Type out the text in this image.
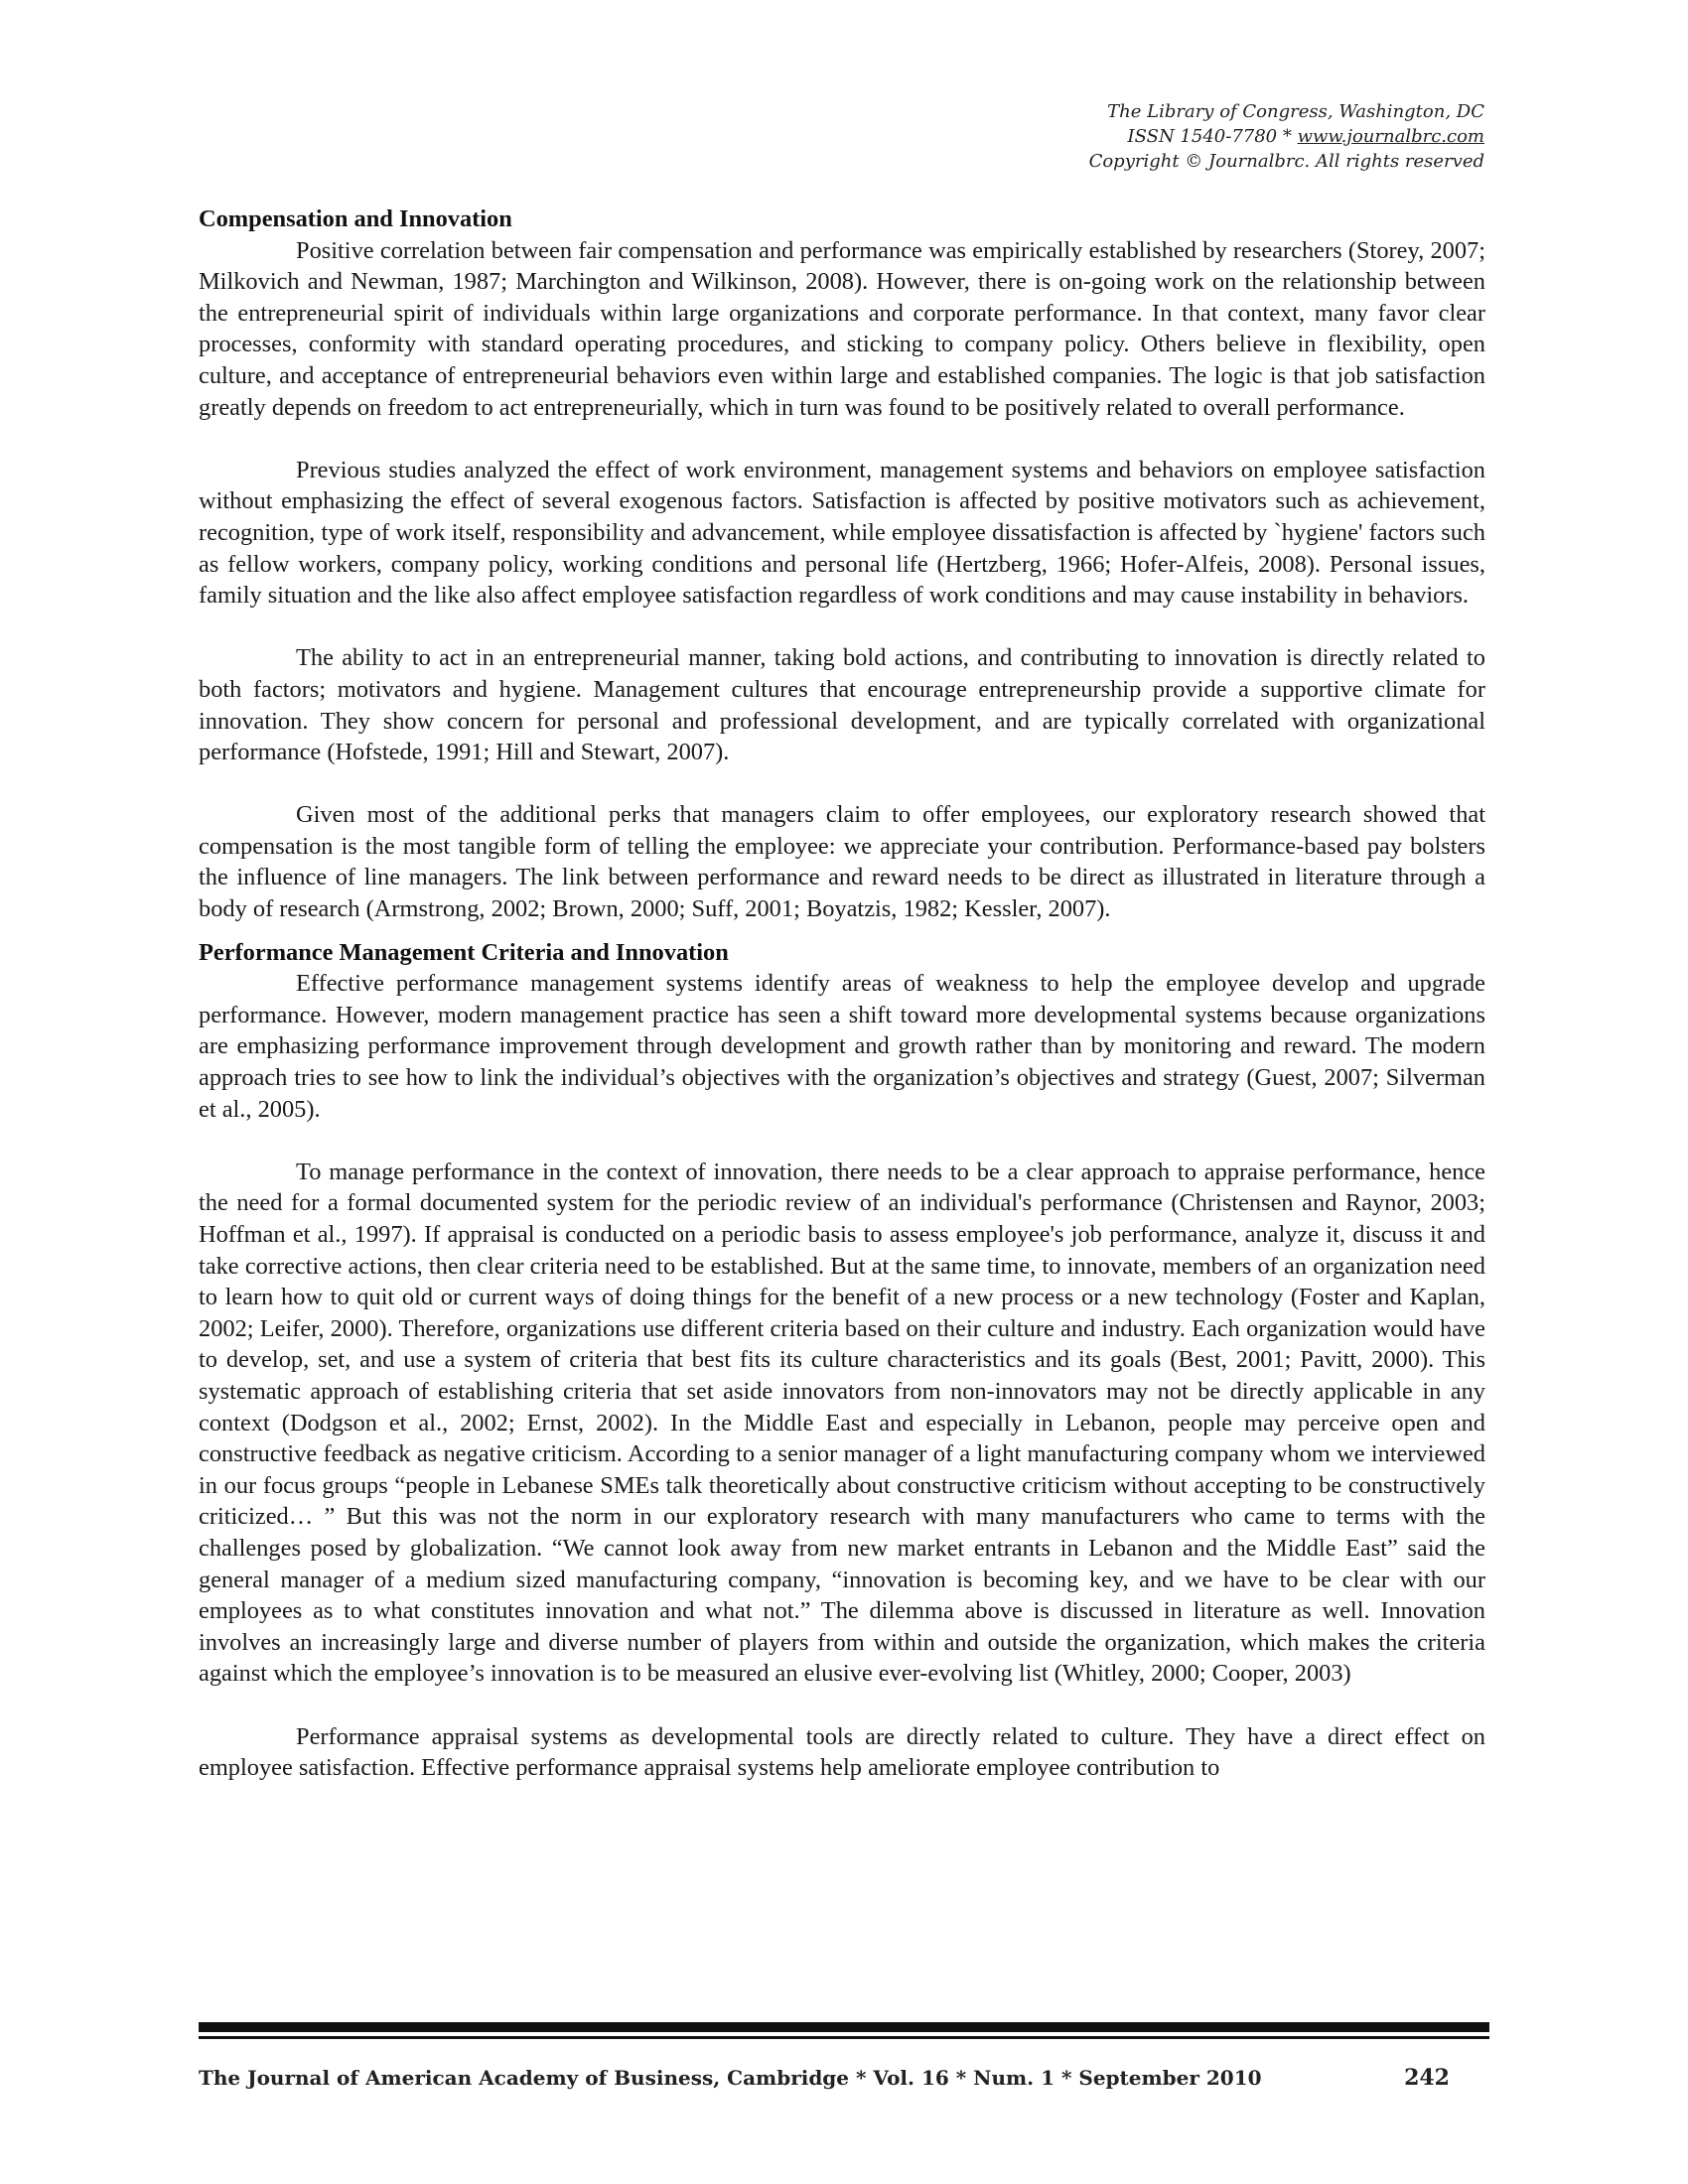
The Library of Congress, Washington, DC
ISSN 1540-7780 * www.journalbrc.com
Copyright © Journalbrc. All rights reserved
Compensation and Innovation

Positive correlation between fair compensation and performance was empirically established by researchers (Storey, 2007; Milkovich and Newman, 1987; Marchington and Wilkinson, 2008). However, there is on-going work on the relationship between the entrepreneurial spirit of individuals within large organizations and corporate performance. In that context, many favor clear processes, conformity with standard operating procedures, and sticking to company policy. Others believe in flexibility, open culture, and acceptance of entrepreneurial behaviors even within large and established companies. The logic is that job satisfaction greatly depends on freedom to act entrepreneurially, which in turn was found to be positively related to overall performance.

Previous studies analyzed the effect of work environment, management systems and behaviors on employee satisfaction without emphasizing the effect of several exogenous factors. Satisfaction is affected by positive motivators such as achievement, recognition, type of work itself, responsibility and advancement, while employee dissatisfaction is affected by `hygiene' factors such as fellow workers, company policy, working conditions and personal life (Hertzberg, 1966; Hofer-Alfeis, 2008). Personal issues, family situation and the like also affect employee satisfaction regardless of work conditions and may cause instability in behaviors.

The ability to act in an entrepreneurial manner, taking bold actions, and contributing to innovation is directly related to both factors; motivators and hygiene. Management cultures that encourage entrepreneurship provide a supportive climate for innovation. They show concern for personal and professional development, and are typically correlated with organizational performance (Hofstede, 1991; Hill and Stewart, 2007).

Given most of the additional perks that managers claim to offer employees, our exploratory research showed that compensation is the most tangible form of telling the employee: we appreciate your contribution. Performance-based pay bolsters the influence of line managers. The link between performance and reward needs to be direct as illustrated in literature through a body of research (Armstrong, 2002; Brown, 2000; Suff, 2001; Boyatzis, 1982; Kessler, 2007).

Performance Management Criteria and Innovation

Effective performance management systems identify areas of weakness to help the employee develop and upgrade performance. However, modern management practice has seen a shift toward more developmental systems because organizations are emphasizing performance improvement through development and growth rather than by monitoring and reward. The modern approach tries to see how to link the individual’s objectives with the organization’s objectives and strategy (Guest, 2007; Silverman et al., 2005).

To manage performance in the context of innovation, there needs to be a clear approach to appraise performance, hence the need for a formal documented system for the periodic review of an individual's performance (Christensen and Raynor, 2003; Hoffman et al., 1997). If appraisal is conducted on a periodic basis to assess employee's job performance, analyze it, discuss it and take corrective actions, then clear criteria need to be established. But at the same time, to innovate, members of an organization need to learn how to quit old or current ways of doing things for the benefit of a new process or a new technology (Foster and Kaplan, 2002; Leifer, 2000). Therefore, organizations use different criteria based on their culture and industry. Each organization would have to develop, set, and use a system of criteria that best fits its culture characteristics and its goals (Best, 2001; Pavitt, 2000). This systematic approach of establishing criteria that set aside innovators from non-innovators may not be directly applicable in any context (Dodgson et al., 2002; Ernst, 2002). In the Middle East and especially in Lebanon, people may perceive open and constructive feedback as negative criticism. According to a senior manager of a light manufacturing company whom we interviewed in our focus groups “people in Lebanese SMEs talk theoretically about constructive criticism without accepting to be constructively criticized… ” But this was not the norm in our exploratory research with many manufacturers who came to terms with the challenges posed by globalization. “We cannot look away from new market entrants in Lebanon and the Middle East” said the general manager of a medium sized manufacturing company, “innovation is becoming key, and we have to be clear with our employees as to what constitutes innovation and what not.” The dilemma above is discussed in literature as well. Innovation involves an increasingly large and diverse number of players from within and outside the organization, which makes the criteria against which the employee’s innovation is to be measured an elusive ever-evolving list (Whitley, 2000; Cooper, 2003)

Performance appraisal systems as developmental tools are directly related to culture. They have a direct effect on employee satisfaction. Effective performance appraisal systems help ameliorate employee contribution to

The Journal of American Academy of Business, Cambridge * Vol. 16 * Num. 1 * September 2010	242
